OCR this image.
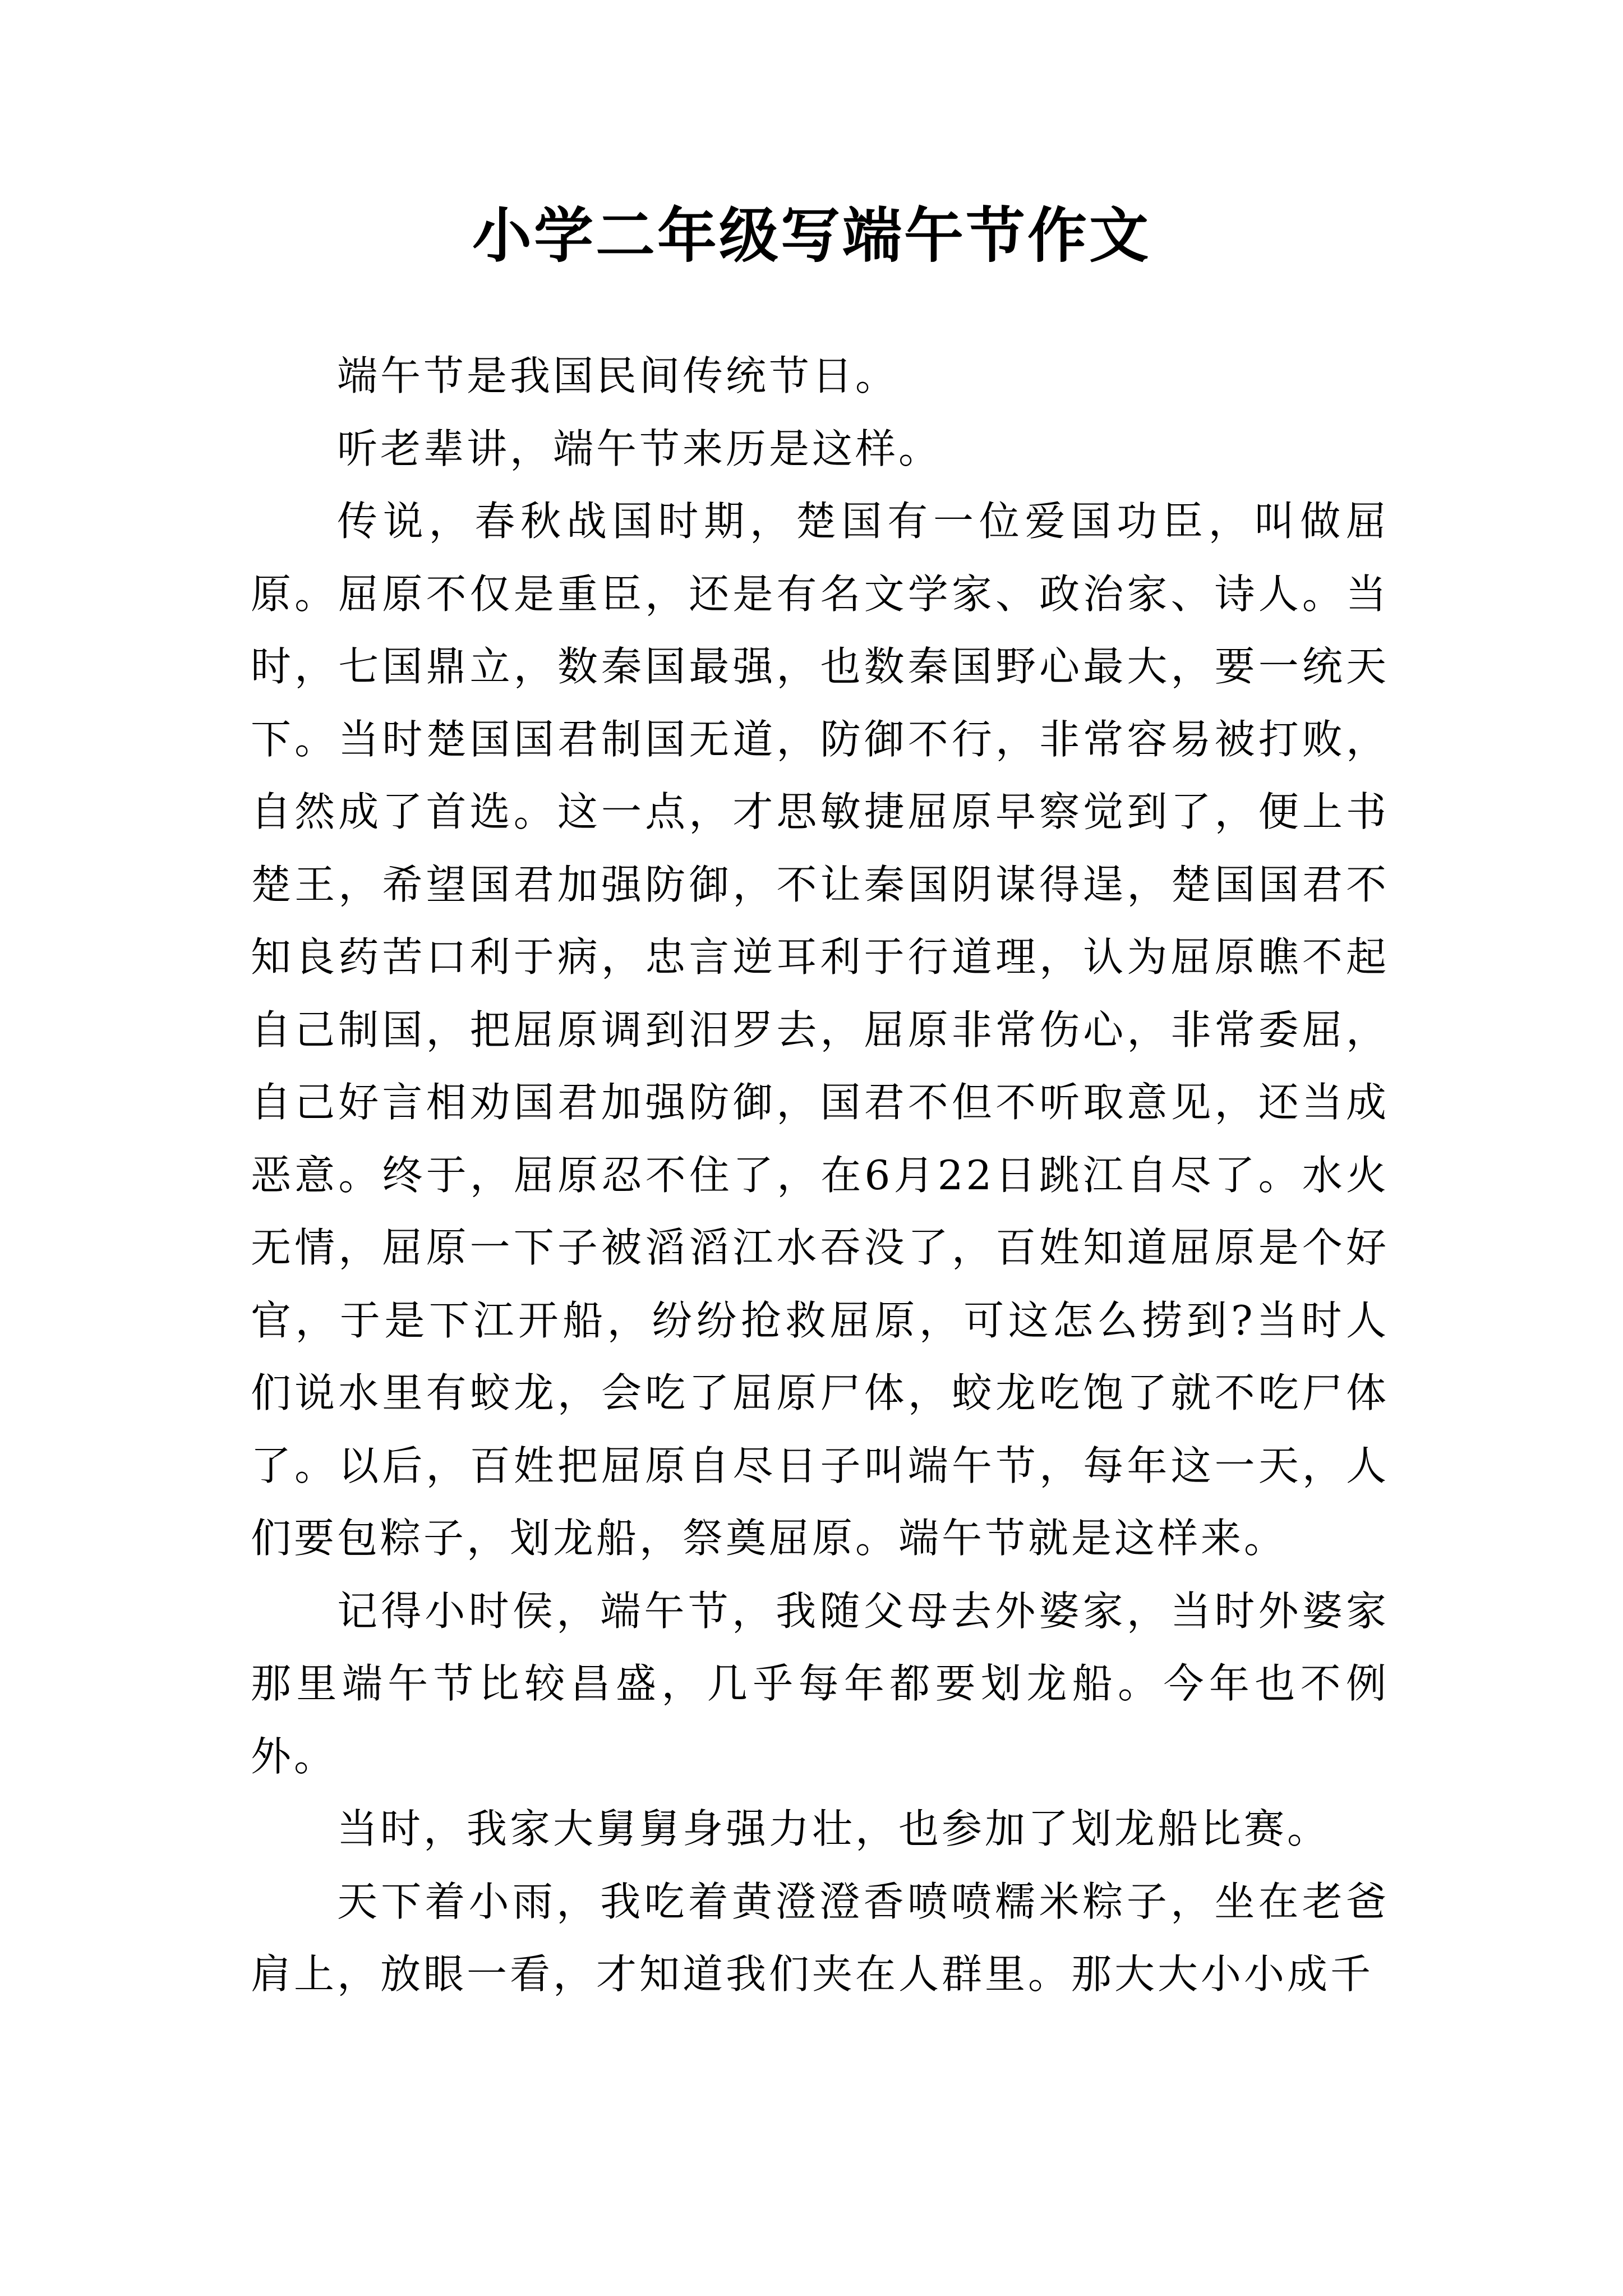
小学二年级写端午节作文

端午节是我国民间传统节日。

听老辈讲，端午节来历是这样。

传说，春秋战国时期，楚国有一位爱国功臣，叫做屈原。屈原不仅是重臣，还是有名文学家、政治家、诗人。当时，七国鼎立，数秦国最强，也数秦国野心最大，要一统天下。当时楚国国君制国无道，防御不行，非常容易被打败，自然成了首选。这一点，才思敏捷屈原早察觉到了，便上书楚王，希望国君加强防御，不让秦国阴谋得逞，楚国国君不知良药苦口利于病，忠言逆耳利于行道理，认为屈原瞧不起自己制国，把屈原调到汨罗去，屈原非常伤心，非常委屈，自己好言相劝国君加强防御，国君不但不听取意见，还当成恶意。终于，屈原忍不住了，在6月22日跳江自尽了。水火无情，屈原一下子被滔滔江水吞没了，百姓知道屈原是个好官，于是下江开船，纷纷抢救屈原，可这怎么捞到?当时人们说水里有蛟龙，会吃了屈原尸体，蛟龙吃饱了就不吃尸体了。以后，百姓把屈原自尽日子叫端午节，每年这一天，人们要包粽子，划龙船，祭奠屈原。端午节就是这样来。

记得小时侯，端午节，我随父母去外婆家，当时外婆家那里端午节比较昌盛，几乎每年都要划龙船。今年也不例外。

当时，我家大舅舅身强力壮，也参加了划龙船比赛。

天下着小雨，我吃着黄澄澄香喷喷糯米粽子，坐在老爸肩上，放眼一看，才知道我们夹在人群里。那大大小小成千
